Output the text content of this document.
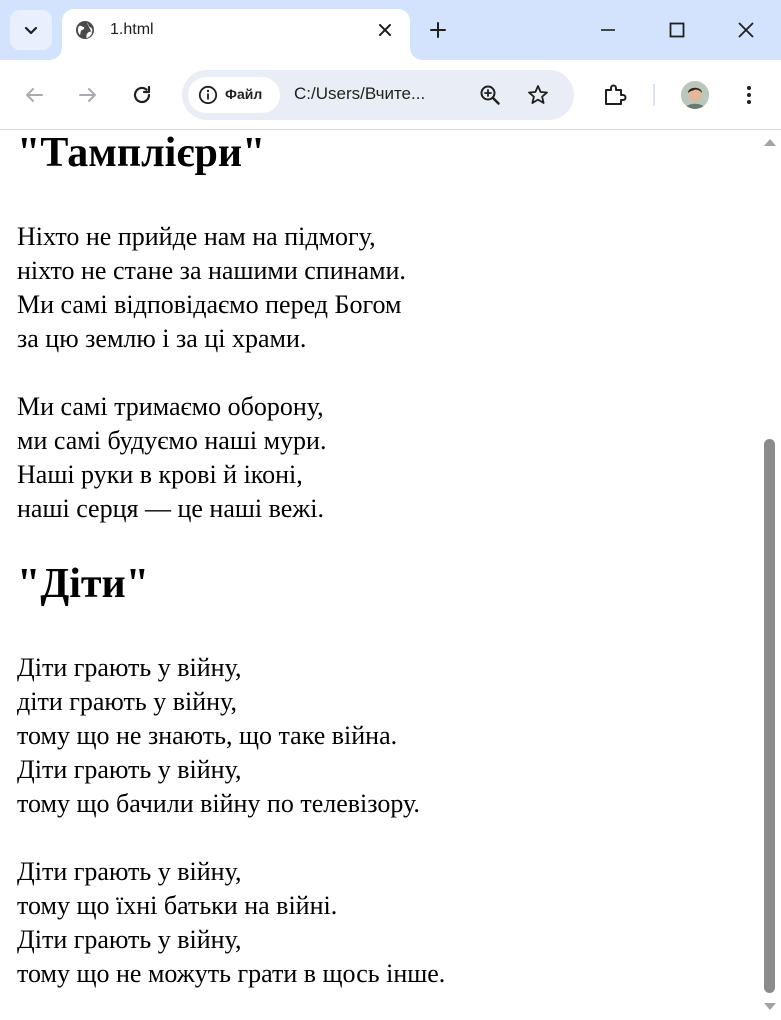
1.html
Файл C:/Users/Вчите...
"Тамплієри"
Ніхто не прийде нам на підмогу,
ніхто не стане за нашими спинами.
Ми самі відповідаємо перед Богом
за цю землю і за ці храми.
Ми самі тримаємо оборону,
ми самі будуємо наші мури.
Наші руки в крові й іконі,
наші серця — це наші вежі.
"Діти"
Діти грають у війну,
діти грають у війну,
тому що не знають, що таке війна.
Діти грають у війну,
тому що бачили війну по телевізору.
Діти грають у війну,
тому що їхні батьки на війні.
Діти грають у війну,
тому що не можуть грати в щось інше.
